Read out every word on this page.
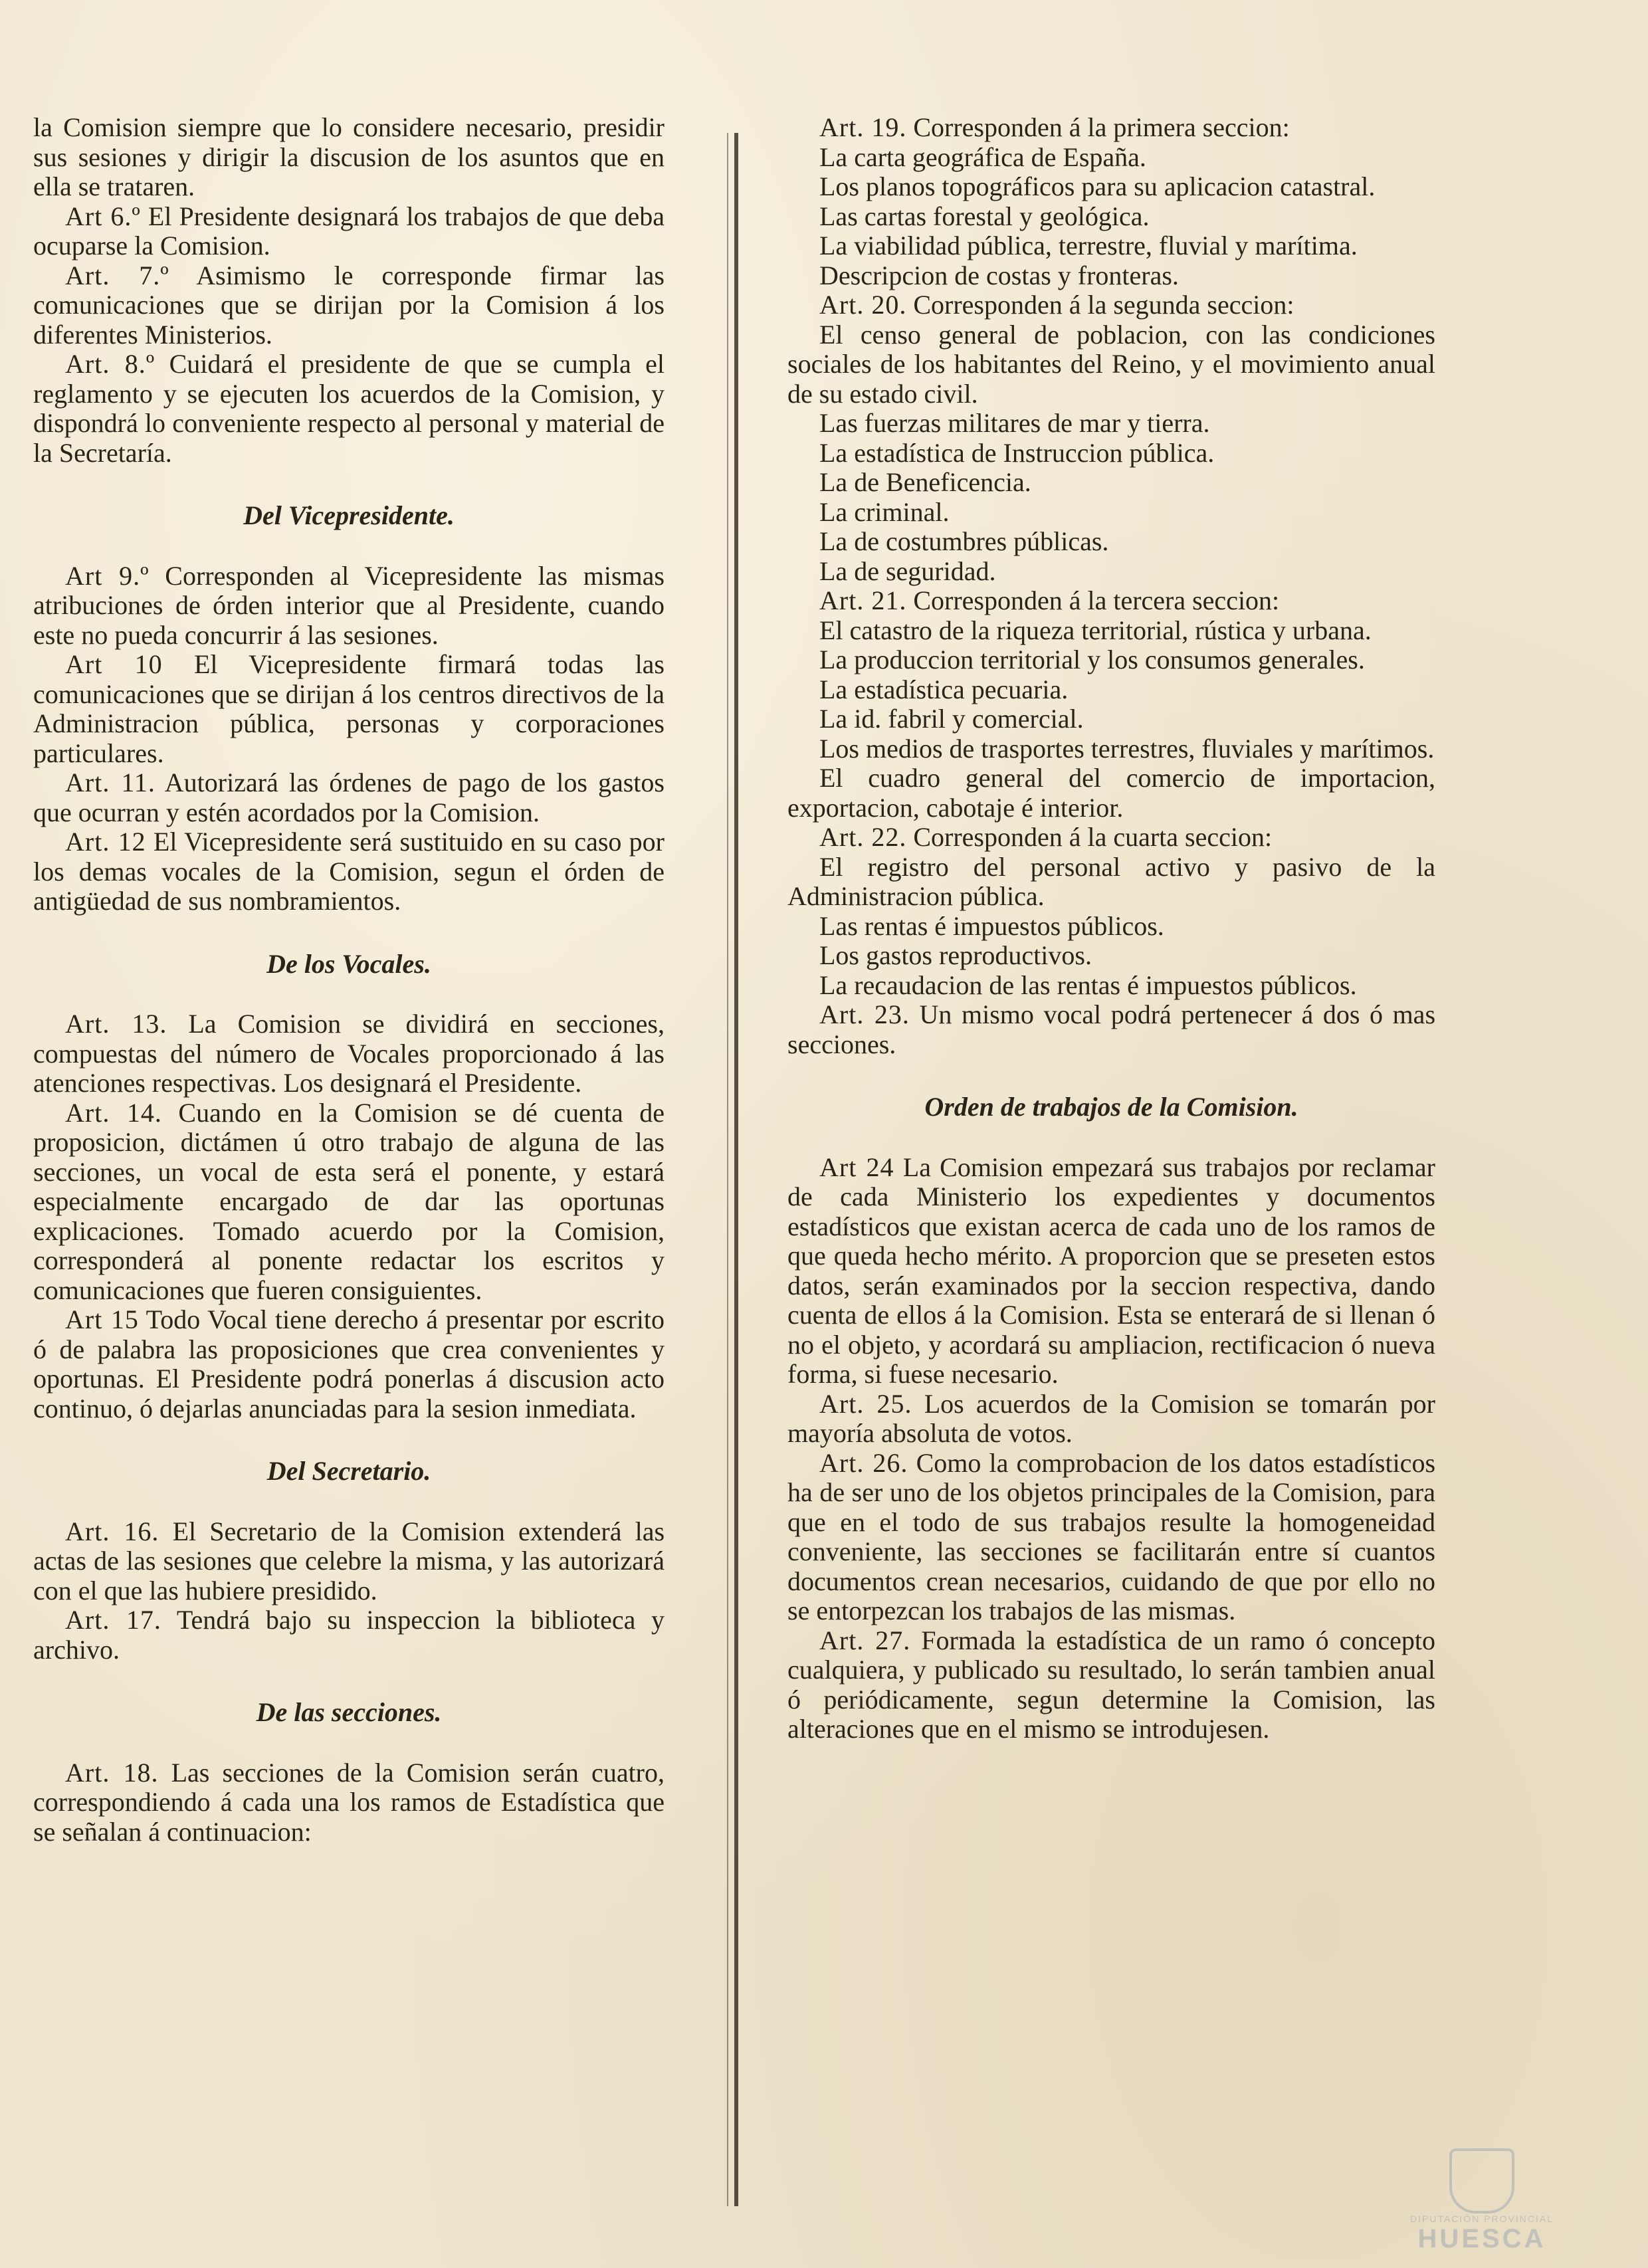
la Comision siempre que lo considere necesario, presidir sus sesiones y dirigir la discusion de los asuntos que en ella se trataren.

Art 6.º El Presidente designará los trabajos de que deba ocuparse la Comision.

Art. 7.º Asimismo le corresponde firmar las comunicaciones que se dirijan por la Comision á los diferentes Ministerios.

Art. 8.º Cuidará el presidente de que se cumpla el reglamento y se ejecuten los acuerdos de la Comision, y dispondrá lo conveniente respecto al personal y material de la Secretaría.

Del Vicepresidente.

Art 9.º Corresponden al Vicepresidente las mismas atribuciones de órden interior que al Presidente, cuando este no pueda concurrir á las sesiones.

Art 10 El Vicepresidente firmará todas las comunicaciones que se dirijan á los centros directivos de la Administracion pública, personas y corporaciones particulares.

Art. 11. Autorizará las órdenes de pago de los gastos que ocurran y estén acordados por la Comision.

Art. 12 El Vicepresidente será sustituido en su caso por los demas vocales de la Comision, segun el órden de antigüedad de sus nombramientos.

De los Vocales.

Art. 13. La Comision se dividirá en secciones, compuestas del número de Vocales proporcionado á las atenciones respectivas. Los designará el Presidente.

Art. 14. Cuando en la Comision se dé cuenta de proposicion, dictámen ú otro trabajo de alguna de las secciones, un vocal de esta será el ponente, y estará especialmente encargado de dar las oportunas explicaciones. Tomado acuerdo por la Comision, corresponderá al ponente redactar los escritos y comunicaciones que fueren consiguientes.

Art 15 Todo Vocal tiene derecho á presentar por escrito ó de palabra las proposiciones que crea convenientes y oportunas. El Presidente podrá ponerlas á discusion acto continuo, ó dejarlas anunciadas para la sesion inmediata.

Del Secretario.

Art. 16. El Secretario de la Comision extenderá las actas de las sesiones que celebre la misma, y las autorizará con el que las hubiere presidido.

Art. 17. Tendrá bajo su inspeccion la biblioteca y archivo.

De las secciones.

Art. 18. Las secciones de la Comision serán cuatro, correspondiendo á cada una los ramos de Estadística que se señalan á continuacion:

Art. 19. Corresponden á la primera seccion:

La carta geográfica de España.

Los planos topográficos para su aplicacion catastral.

Las cartas forestal y geológica.

La viabilidad pública, terrestre, fluvial y marítima.

Descripcion de costas y fronteras.

Art. 20. Corresponden á la segunda seccion:

El censo general de poblacion, con las condiciones sociales de los habitantes del Reino, y el movimiento anual de su estado civil.

Las fuerzas militares de mar y tierra.

La estadística de Instruccion pública.

La de Beneficencia.

La criminal.

La de costumbres públicas.

La de seguridad.

Art. 21. Corresponden á la tercera seccion:

El catastro de la riqueza territorial, rústica y urbana.

La produccion territorial y los consumos generales.

La estadística pecuaria.

La id. fabril y comercial.

Los medios de trasportes terrestres, fluviales y marítimos.

El cuadro general del comercio de importacion, exportacion, cabotaje é interior.

Art. 22. Corresponden á la cuarta seccion:

El registro del personal activo y pasivo de la Administracion pública.

Las rentas é impuestos públicos.

Los gastos reproductivos.

La recaudacion de las rentas é impuestos públicos.

Art. 23. Un mismo vocal podrá pertenecer á dos ó mas secciones.

Orden de trabajos de la Comision.

Art 24 La Comision empezará sus trabajos por reclamar de cada Ministerio los expedientes y documentos estadísticos que existan acerca de cada uno de los ramos de que queda hecho mérito. A proporcion que se preseten estos datos, serán examinados por la seccion respectiva, dando cuenta de ellos á la Comision. Esta se enterará de si llenan ó no el objeto, y acordará su ampliacion, rectificacion ó nueva forma, si fuese necesario.

Art. 25. Los acuerdos de la Comision se tomarán por mayoría absoluta de votos.

Art. 26. Como la comprobacion de los datos estadísticos ha de ser uno de los objetos principales de la Comision, para que en el todo de sus trabajos resulte la homogeneidad conveniente, las secciones se facilitarán entre sí cuantos documentos crean necesarios, cuidando de que por ello no se entorpezcan los trabajos de las mismas.

Art. 27. Formada la estadística de un ramo ó concepto cualquiera, y publicado su resultado, lo serán tambien anual ó periódicamente, segun determine la Comision, las alteraciones que en el mismo se introdujesen.

DIPUTACIÓN PROVINCIAL
HUESCA
